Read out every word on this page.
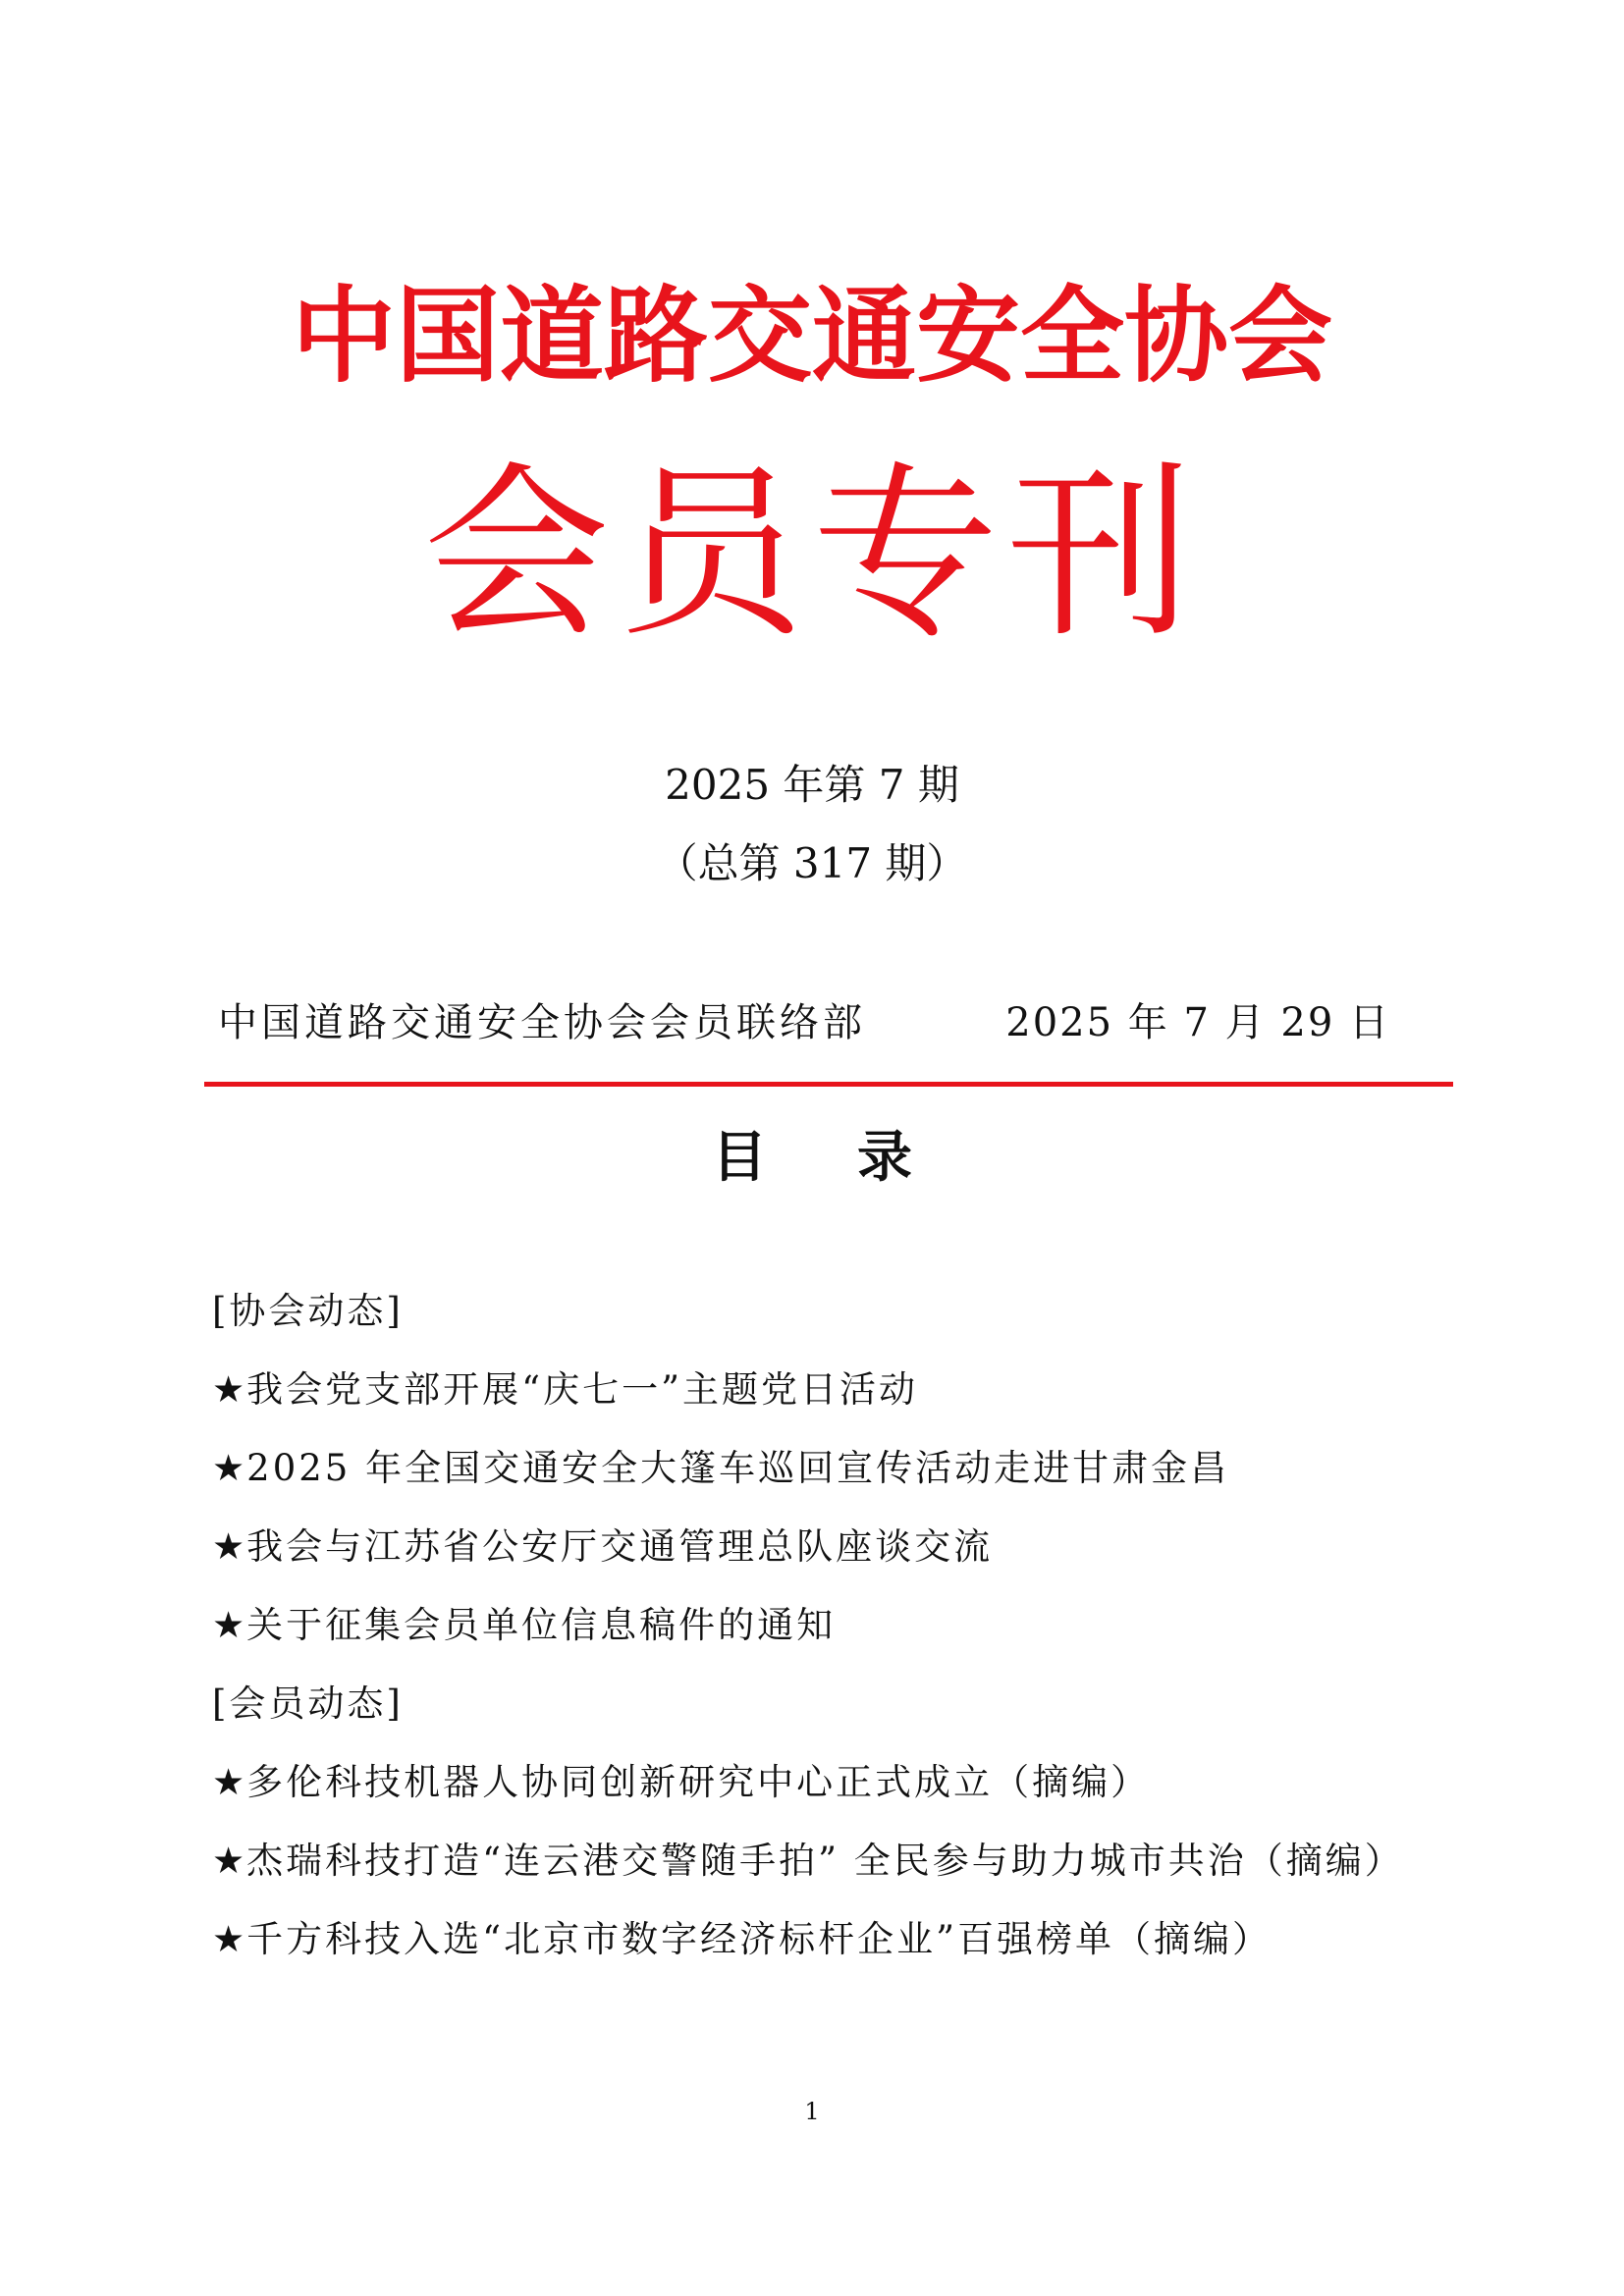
中国道路交通安全协会
会员专刊
2025 年第 7 期
（总第 317 期）
中国道路交通安全协会会员联络部	2025 年 7 月 29 日
目 录
[协会动态]
★我会党支部开展“庆七一”主题党日活动
★2025 年全国交通安全大篷车巡回宣传活动走进甘肃金昌
★我会与江苏省公安厅交通管理总队座谈交流
★关于征集会员单位信息稿件的通知
[会员动态]
★多伦科技机器人协同创新研究中心正式成立（摘编）
★杰瑞科技打造“连云港交警随手拍” 全民参与助力城市共治（摘编）
★千方科技入选“北京市数字经济标杆企业”百强榜单（摘编）
1
